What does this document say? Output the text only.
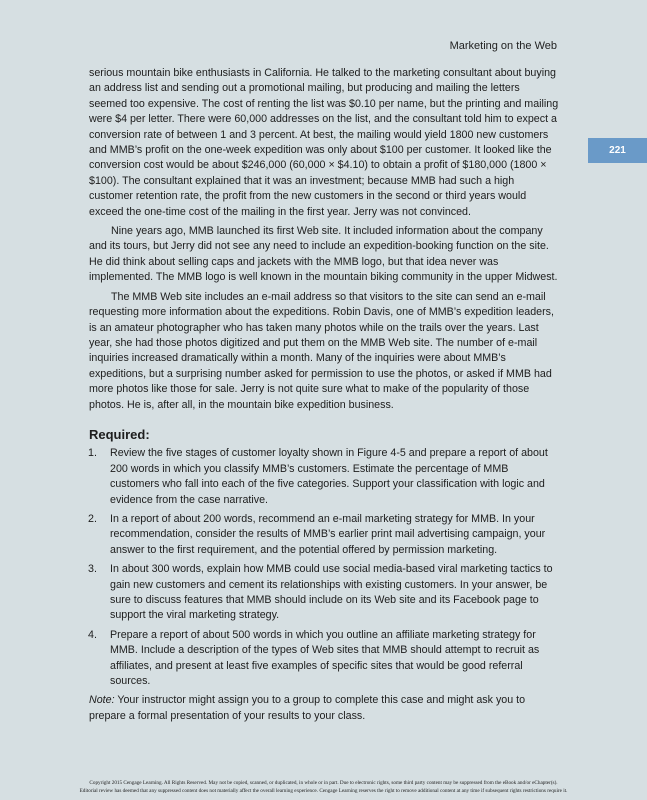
Marketing on the Web
221

serious mountain bike enthusiasts in California. He talked to the marketing consultant about buying an address list and sending out a promotional mailing, but producing and mailing the letters seemed too expensive. The cost of renting the list was $0.10 per name, but the printing and mailing were $4 per letter. There were 60,000 addresses on the list, and the consultant told him to expect a conversion rate of between 1 and 3 percent. At best, the mailing would yield 1800 new customers and MMB’s profit on the one-week expedition was only about $100 per customer. It looked like the conversion cost would be about $246,000 (60,000 × $4.10) to obtain a profit of $180,000 (1800 × $100). The consultant explained that it was an investment; because MMB had such a high customer retention rate, the profit from the new customers in the second or third years would exceed the one-time cost of the mailing in the first year. Jerry was not convinced.

Nine years ago, MMB launched its first Web site. It included information about the company and its tours, but Jerry did not see any need to include an expedition-booking function on the site. He did think about selling caps and jackets with the MMB logo, but that idea never was implemented. The MMB logo is well known in the mountain biking community in the upper Midwest.

The MMB Web site includes an e-mail address so that visitors to the site can send an e-mail requesting more information about the expeditions. Robin Davis, one of MMB’s expedition leaders, is an amateur photographer who has taken many photos while on the trails over the years. Last year, she had those photos digitized and put them on the MMB Web site. The number of e-mail inquiries increased dramatically within a month. Many of the inquiries were about MMB’s expeditions, but a surprising number asked for permission to use the photos, or asked if MMB had more photos like those for sale. Jerry is not quite sure what to make of the popularity of those photos. He is, after all, in the mountain bike expedition business.

Required:
1.	Review the five stages of customer loyalty shown in Figure 4-5 and prepare a report of about 200 words in which you classify MMB’s customers. Estimate the percentage of MMB customers who fall into each of the five categories. Support your classification with logic and evidence from the case narrative.
2.	In a report of about 200 words, recommend an e-mail marketing strategy for MMB. In your recommendation, consider the results of MMB’s earlier print mail advertising campaign, your answer to the first requirement, and the potential offered by permission marketing.
3.	In about 300 words, explain how MMB could use social media-based viral marketing tactics to gain new customers and cement its relationships with existing customers. In your answer, be sure to discuss features that MMB should include on its Web site and its Facebook page to support the viral marketing strategy.
4.	Prepare a report of about 500 words in which you outline an affiliate marketing strategy for MMB. Include a description of the types of Web sites that MMB should attempt to recruit as affiliates, and present at least five examples of specific sites that would be good referral sources.

Note: Your instructor might assign you to a group to complete this case and might ask you to prepare a formal presentation of your results to your class.

Copyright 2015 Cengage Learning. All Rights Reserved. May not be copied, scanned, or duplicated, in whole or in part. Due to electronic rights, some third party content may be suppressed from the eBook and/or eChapter(s).
Editorial review has deemed that any suppressed content does not materially affect the overall learning experience. Cengage Learning reserves the right to remove additional content at any time if subsequent rights restrictions require it.
